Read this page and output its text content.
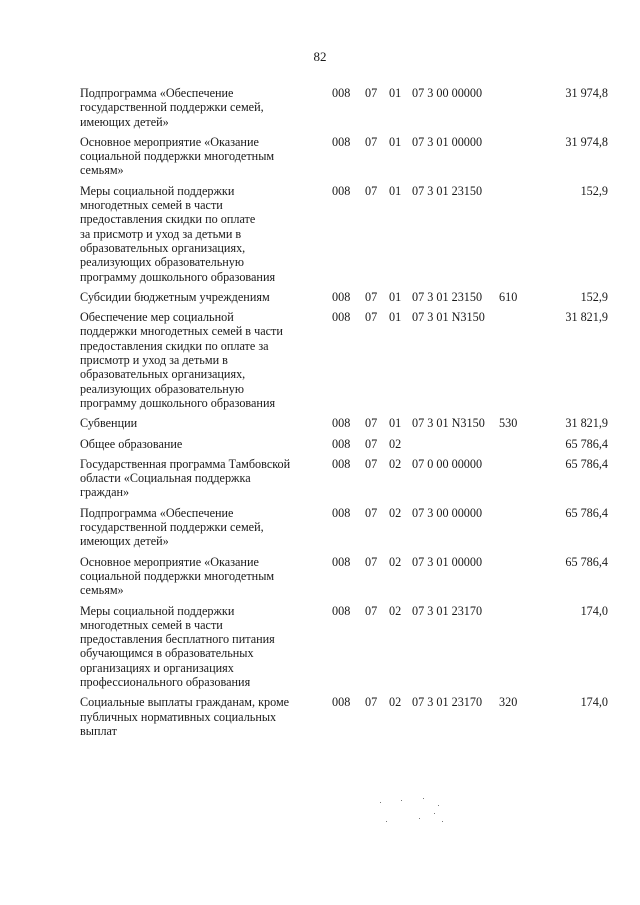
82
Подпрограмма «Обеспечение
государственной поддержки семей,
имеющих детей»
008 07 01 07 3 00 00000	31 974,8
Основное мероприятие «Оказание
социальной поддержки многодетным
семьям»
008 07 01 07 3 01 00000	31 974,8
Меры социальной поддержки
многодетных семей в части
предоставления скидки по оплате
за присмотр и уход за детьми в
образовательных организациях,
реализующих образовательную
программу дошкольного образования
008 07 01 07 3 01 23150	152,9
Субсидии бюджетным учреждениям	008 07 01 07 3 01 23150 610	152,9
Обеспечение мер социальной
поддержки многодетных семей в части
предоставления скидки по оплате за
присмотр и уход за детьми в
образовательных организациях,
реализующих образовательную
программу дошкольного образования
008 07 01 07 3 01 N3150	31 821,9
Субвенции	008 07 01 07 3 01 N3150 530	31 821,9
Общее образование	008 07 02	65 786,4
Государственная программа Тамбовской
области «Социальная поддержка
граждан»
008 07 02 07 0 00 00000	65 786,4
Подпрограмма «Обеспечение
государственной поддержки семей,
имеющих детей»
008 07 02 07 3 00 00000	65 786,4
Основное мероприятие «Оказание
социальной поддержки многодетным
семьям»
008 07 02 07 3 01 00000	65 786,4
Меры социальной поддержки
многодетных семей в части
предоставления бесплатного питания
обучающимся в образовательных
организациях и организациях
профессионального образования
008 07 02 07 3 01 23170	174,0
Социальные выплаты гражданам, кроме
публичных нормативных социальных
выплат
008 07 02 07 3 01 23170 320	174,0
